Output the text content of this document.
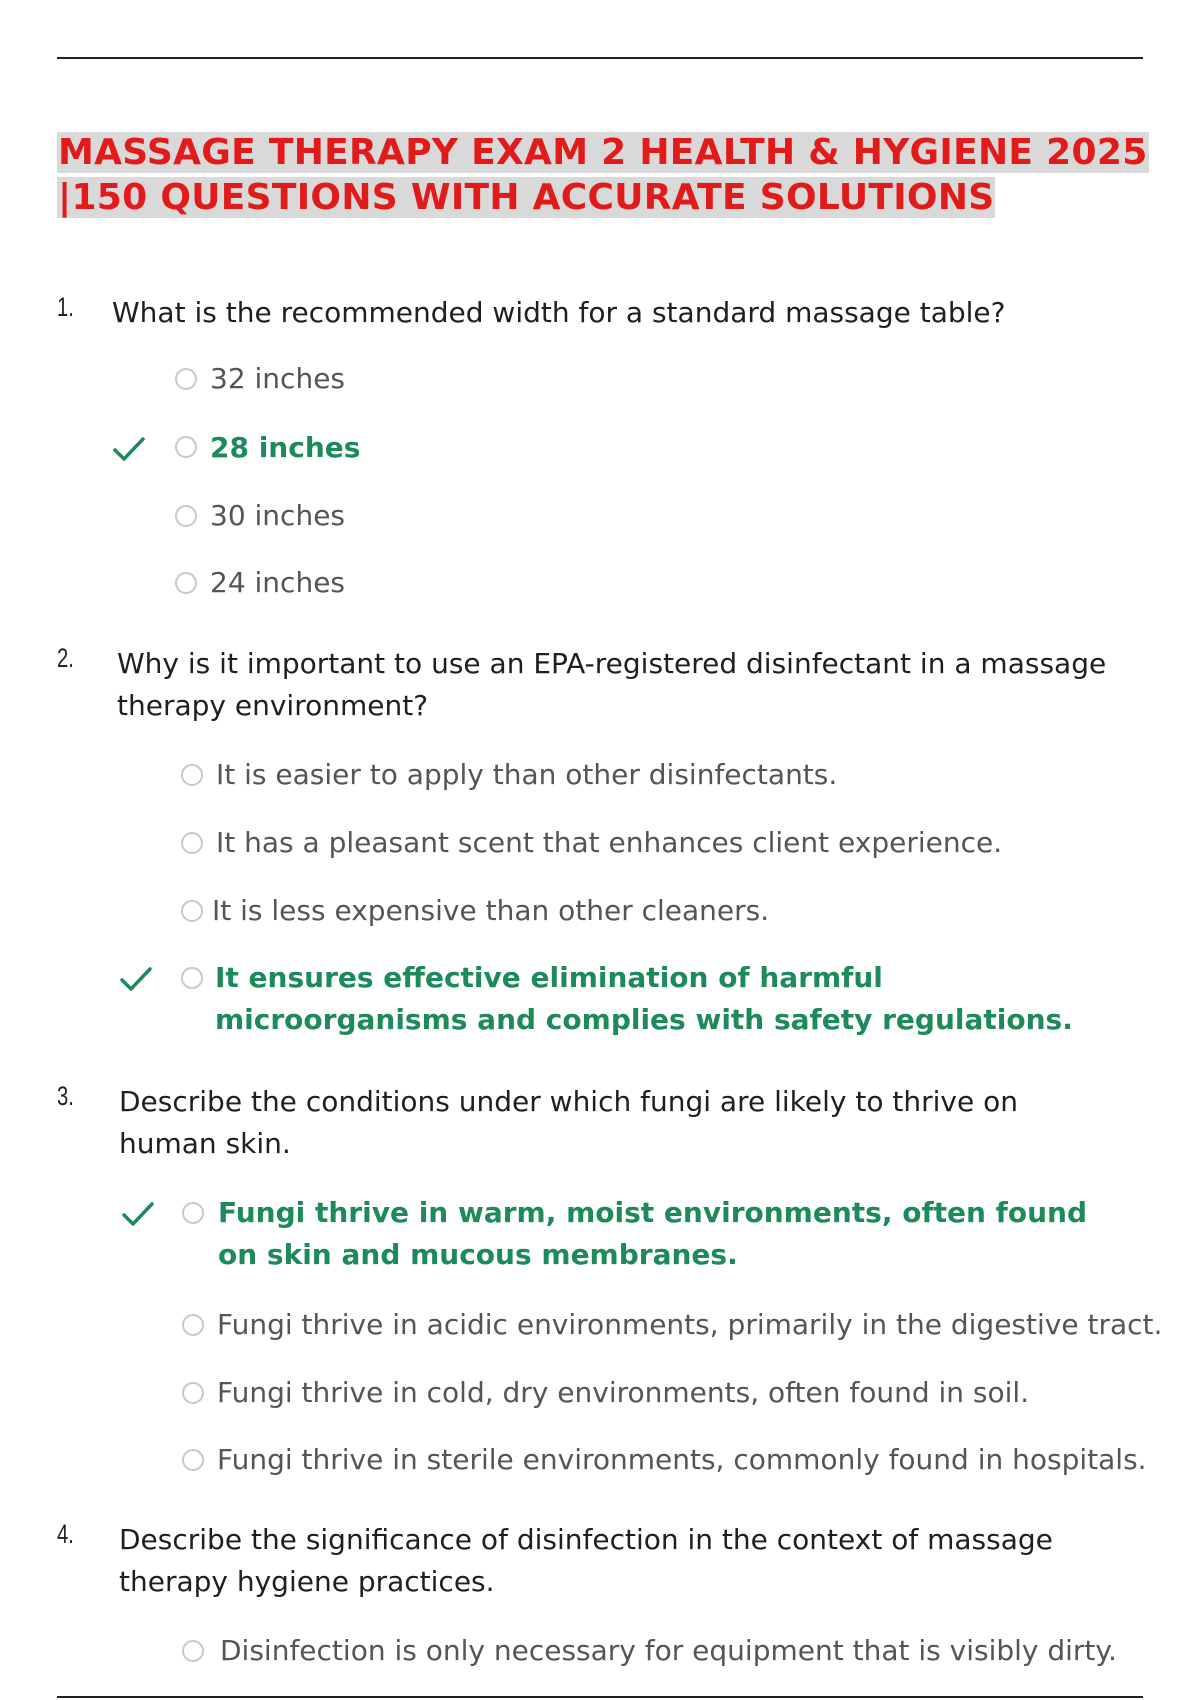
MASSAGE THERAPY EXAM 2 HEALTH & HYGIENE 2025
|150 QUESTIONS WITH ACCURATE SOLUTIONS
1. What is the recommended width for a standard massage table?
32 inches
28 inches
30 inches
24 inches
2. Why is it important to use an EPA-registered disinfectant in a massage therapy environment?
It is easier to apply than other disinfectants.
It has a pleasant scent that enhances client experience.
It is less expensive than other cleaners.
It ensures effective elimination of harmful microorganisms and complies with safety regulations.
3. Describe the conditions under which fungi are likely to thrive on human skin.
Fungi thrive in warm, moist environments, often found on skin and mucous membranes.
Fungi thrive in acidic environments, primarily in the digestive tract.
Fungi thrive in cold, dry environments, often found in soil.
Fungi thrive in sterile environments, commonly found in hospitals.
4. Describe the significance of disinfection in the context of massage therapy hygiene practices.
Disinfection is only necessary for equipment that is visibly dirty.
